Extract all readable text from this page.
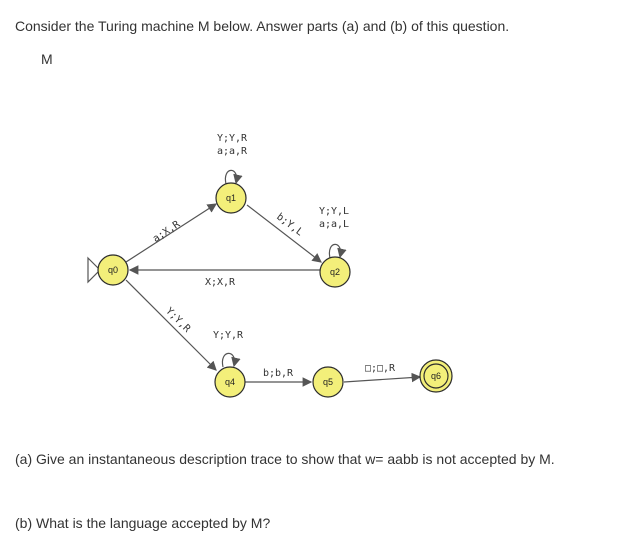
Consider the Turing machine M below. Answer parts (a) and (b) of this question.
M
Y;Y,R
a;a,R
Y;Y,L
a;a,L
Y;Y,R
a;X,R	b;Y,L
X;X,R
Y;Y,R
b;b,R	□;□,R
q0
q1
q2
q4	q5
q6
(a) Give an instantaneous description trace to show that w= aabb is not accepted by M.
(b) What is the language accepted by M?
